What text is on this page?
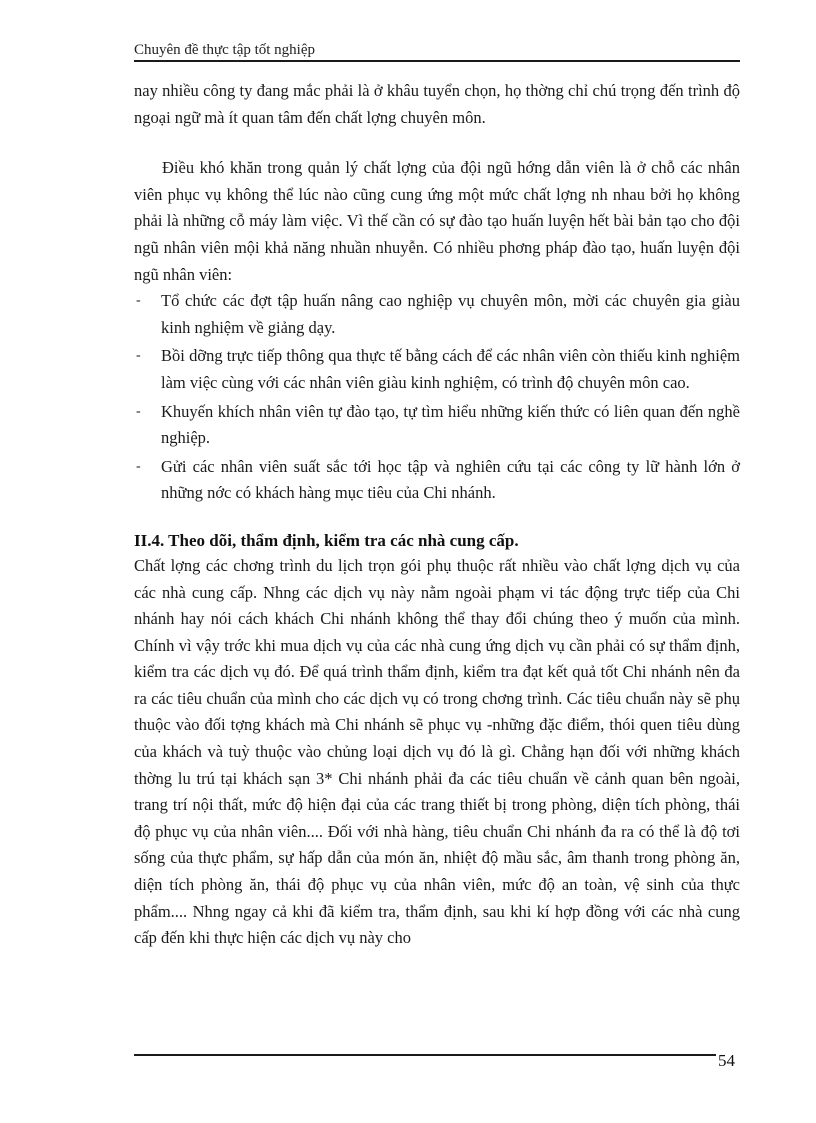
Chuyên đề thực tập tốt nghiệp

nay nhiều công ty đang mắc phải là ở khâu tuyển chọn, họ thờng chỉ chú trọng đến trình độ ngoại ngữ mà ít quan tâm đến chất lợng chuyên môn.

Điều khó khăn trong quản lý chất lợng của đội ngũ hớng dẫn viên là ở chỗ các nhân viên phục vụ không thể lúc nào cũng cung ứng một mức chất lợng nh nhau bởi họ không phải là những cỗ máy làm việc. Vì thế cần có sự đào tạo huấn luyện hết bài bản tạo cho đội ngũ nhân viên mội khả năng nhuần nhuyễn. Có nhiều phơng pháp đào tạo, huấn luyện đội ngũ nhân viên:

- Tổ chức các đợt tập huấn nâng cao nghiệp vụ chuyên môn, mời các chuyên gia giàu kinh nghiệm về giảng dạy.
- Bồi dỡng trực tiếp thông qua thực tế bằng cách để các nhân viên còn thiếu kinh nghiệm làm việc cùng với các nhân viên giàu kinh nghiệm, có trình độ chuyên môn cao.
- Khuyến khích nhân viên tự đào tạo, tự tìm hiểu những kiến thức có liên quan đến nghề nghiệp.
- Gửi các nhân viên suất sắc tới học tập và nghiên cứu tại các công ty lữ hành lớn ở những nớc có khách hàng mục tiêu của Chi nhánh.
II.4. Theo dõi, thẩm định, kiểm tra các nhà cung cấp.

Chất lợng các chơng trình du lịch trọn gói phụ thuộc rất nhiều vào chất lợng dịch vụ của các nhà cung cấp. Nhng các dịch vụ này nằm ngoài phạm vi tác động trực tiếp của Chi nhánh hay nói cách khách Chi nhánh không thể thay đổi chúng theo ý muốn của mình. Chính vì vậy trớc khi mua dịch vụ của các nhà cung ứng dịch vụ cần phải có sự thẩm định, kiểm tra các dịch vụ đó. Để quá trình thẩm định, kiểm tra đạt kết quả tốt Chi nhánh nên đa ra các tiêu chuẩn của mình cho các dịch vụ có trong chơng trình. Các tiêu chuẩn này sẽ phụ thuộc vào đối tợng khách mà Chi nhánh sẽ phục vụ -những đặc điểm, thói quen tiêu dùng của khách và tuỳ thuộc vào chủng loại dịch vụ đó là gì. Chẳng hạn đối với những khách thờng lu trú tại khách sạn 3* Chi nhánh phải đa các tiêu chuẩn về cảnh quan bên ngoài, trang trí nội thất, mức độ hiện đại của các trang thiết bị trong phòng, diện tích phòng, thái độ phục vụ của nhân viên.... Đối với nhà hàng, tiêu chuẩn Chi nhánh đa ra có thể là độ tơi sống của thực phẩm, sự hấp dẫn của món ăn, nhiệt độ mầu sắc, âm thanh trong phòng ăn, diện tích phòng ăn, thái độ phục vụ của nhân viên, mức độ an toàn, vệ sinh của thực phẩm.... Nhng ngay cả khi đã kiểm tra, thẩm định, sau khi kí hợp đồng với các nhà cung cấp đến khi thực hiện các dịch vụ này cho

54
